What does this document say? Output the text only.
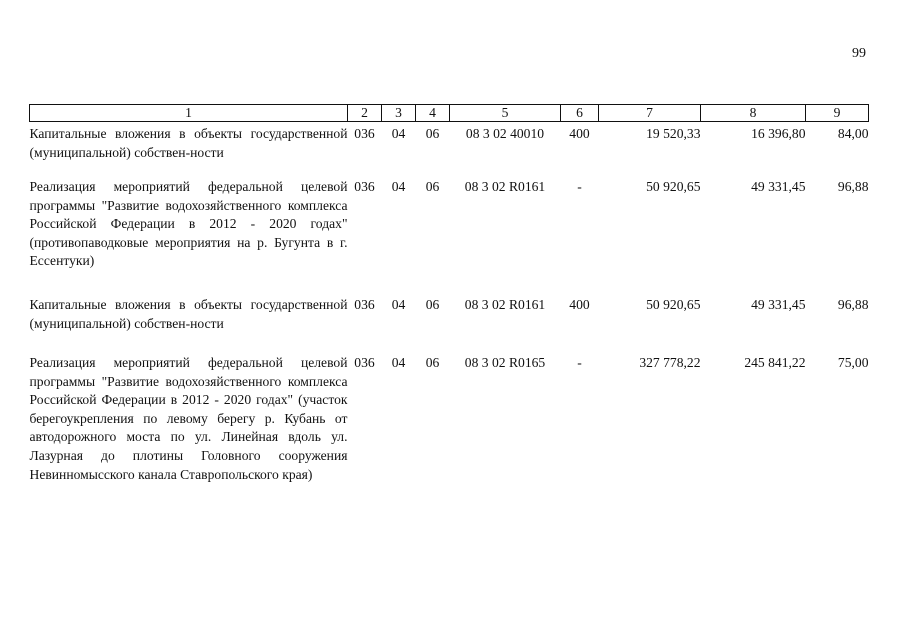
99
1	2	3	4	5	6	7	8	9
Капитальные вложения в объекты государственной (муниципальной) собствен-ности	036	04	06	08 3 02 40010	400	19 520,33	16 396,80	84,00
Реализация мероприятий федеральной целевой программы "Развитие водохозяйственного комплекса Российской Федерации в 2012 - 2020 годах" (противопаводковые мероприятия на р. Бугунта в г. Ессентуки)	036	04	06	08 3 02 R0161	-	50 920,65	49 331,45	96,88
Капитальные вложения в объекты государственной (муниципальной) собствен-ности	036	04	06	08 3 02 R0161	400	50 920,65	49 331,45	96,88
Реализация мероприятий федеральной целевой программы "Развитие водохозяйственного комплекса Российской Федерации в 2012 - 2020 годах" (участок берегоукрепления по левому берегу р. Кубань от автодорожного моста по ул. Линейная вдоль ул. Лазурная до плотины Головного сооружения Невинномысского канала Ставропольского края)	036	04	06	08 3 02 R0165	-	327 778,22	245 841,22	75,00
